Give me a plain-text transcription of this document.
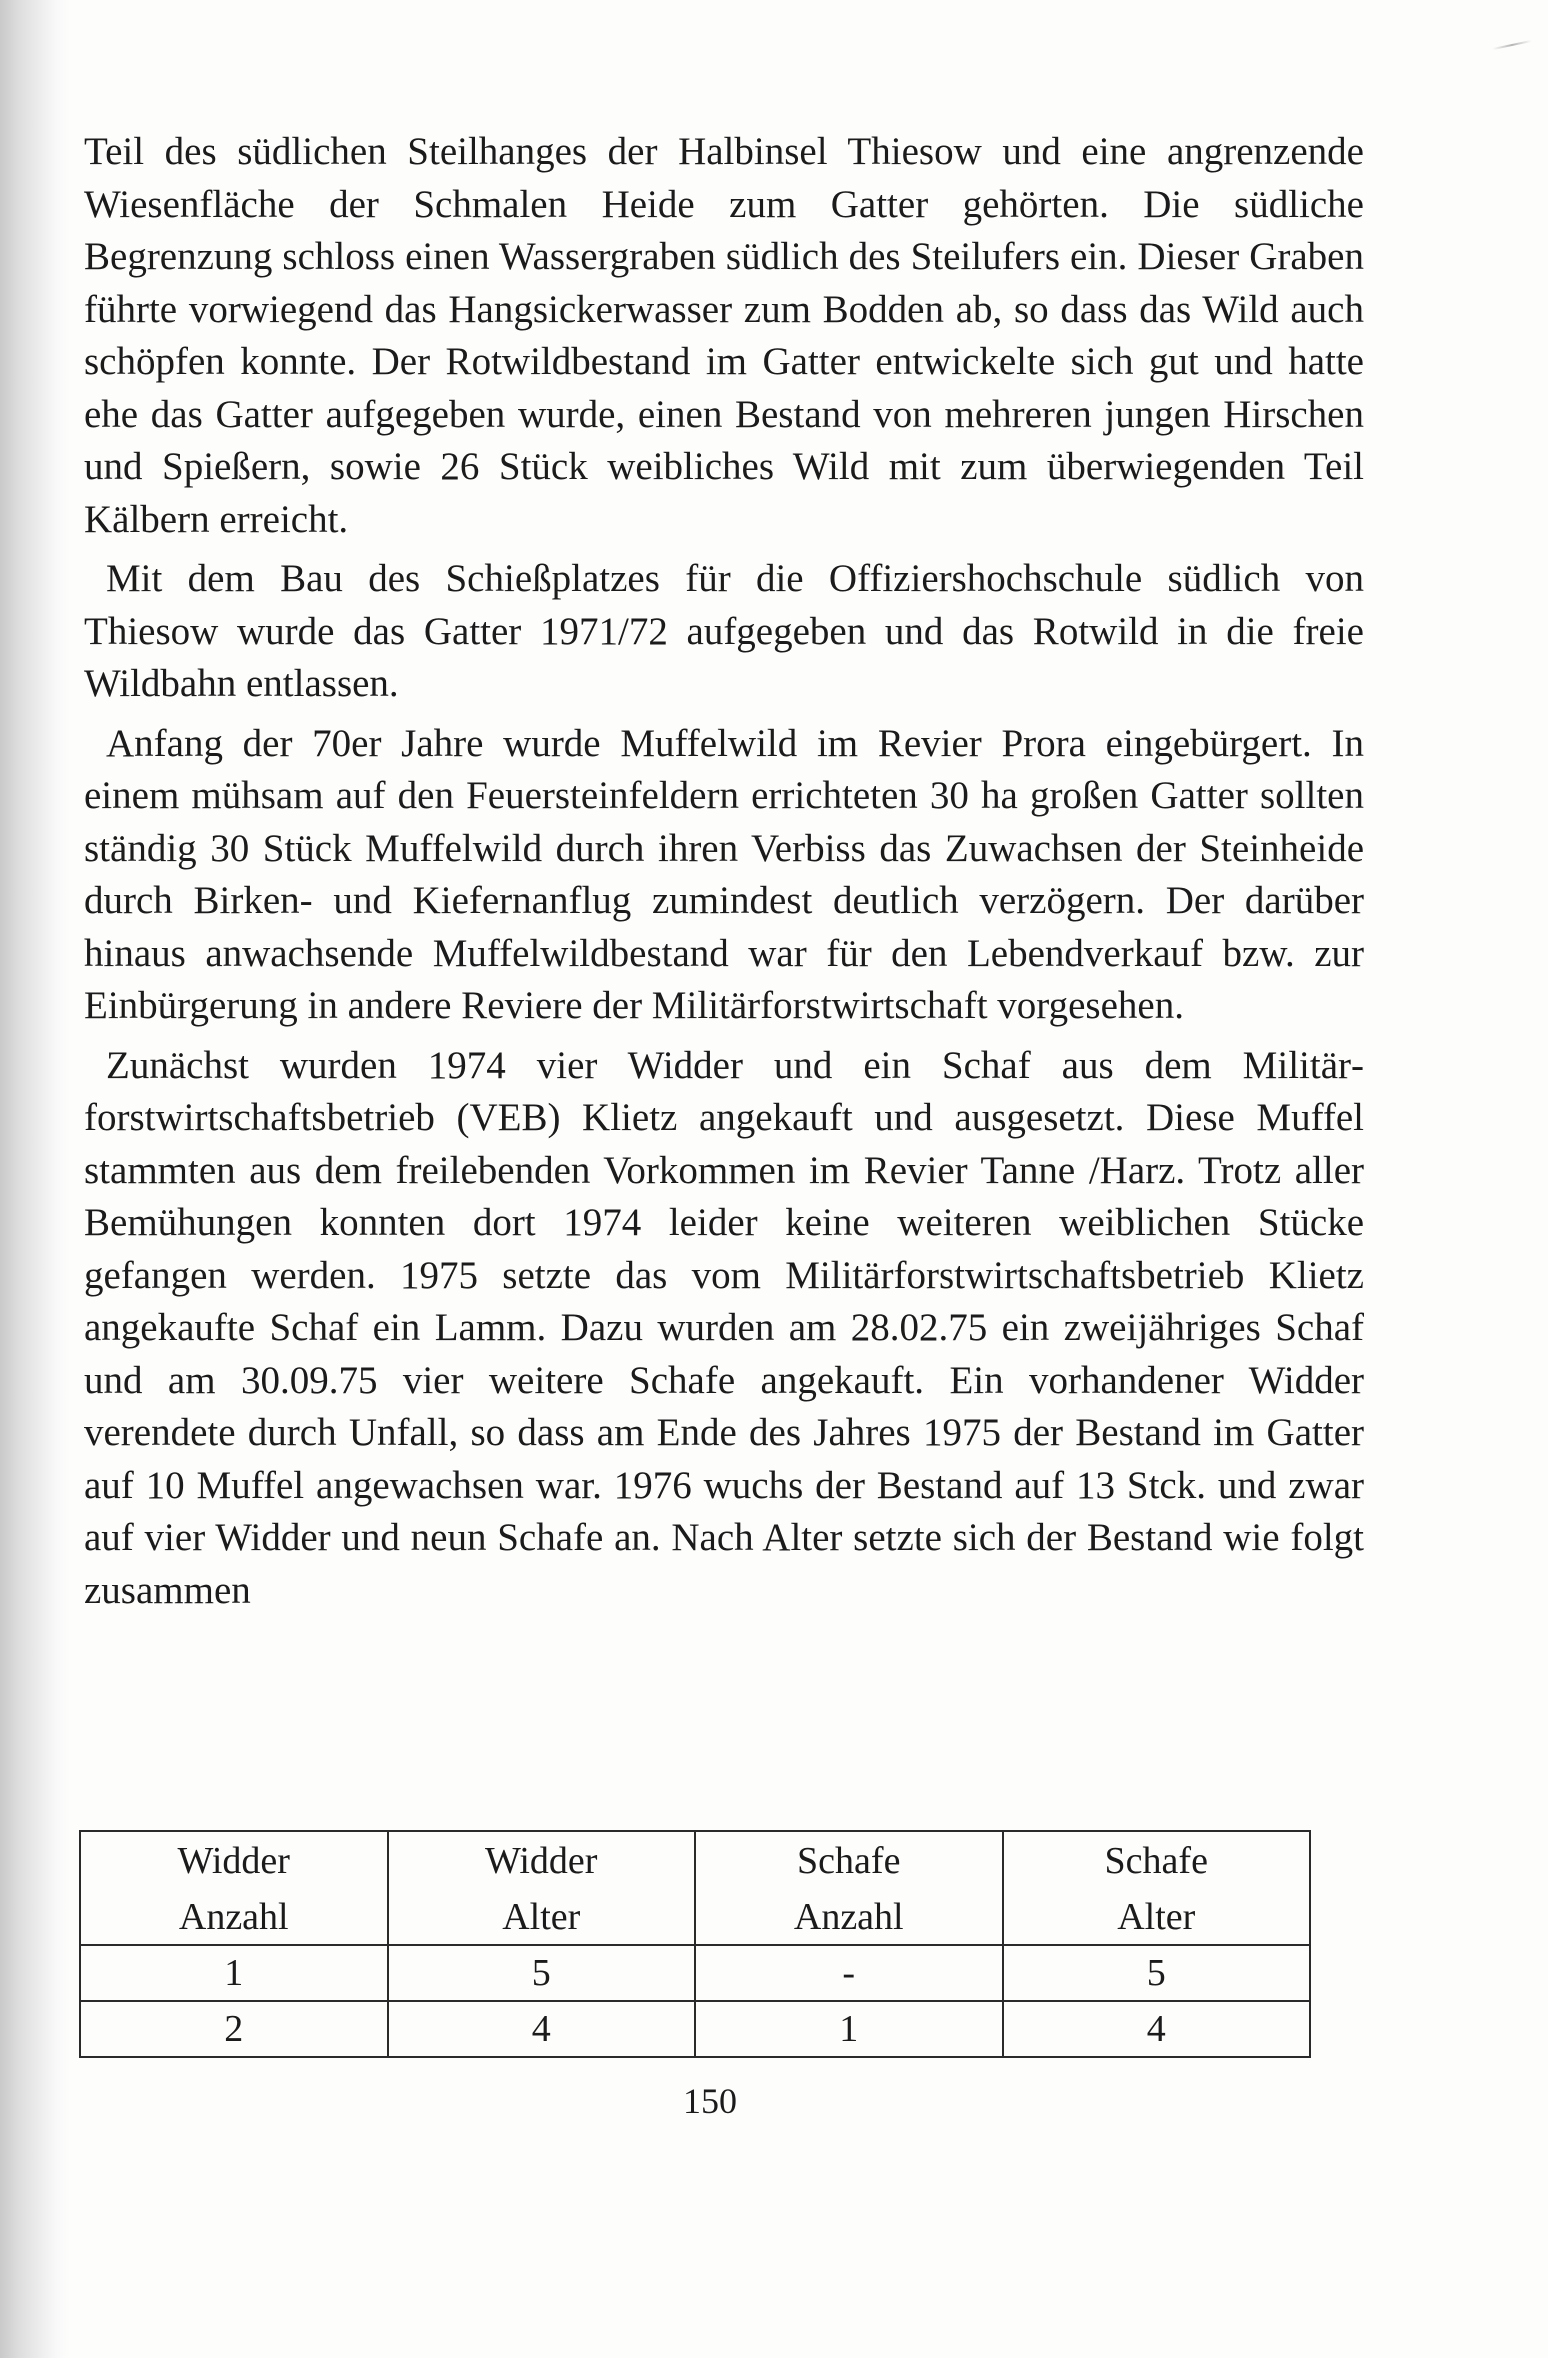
Teil des südlichen Steilhanges der Halbinsel Thiesow und eine angrenzende Wiesenfläche der Schmalen Heide zum Gatter gehörten. Die südliche Begrenzung schloss einen Wassergraben südlich des Steilufers ein. Dieser Graben führte vorwiegend das Hangsickerwasser zum Bodden ab, so dass das Wild auch schöpfen konnte. Der Rotwildbestand im Gatter entwickelte sich gut und hatte ehe das Gatter aufgegeben wurde, einen Bestand von mehreren jungen Hirschen und Spießern, sowie 26 Stück weibliches Wild mit zum überwiegenden Teil Kälbern erreicht.

Mit dem Bau des Schießplatzes für die Offiziershochschule südlich von Thiesow wurde das Gatter 1971/72 aufgegeben und das Rotwild in die freie Wildbahn entlassen.

Anfang der 70er Jahre wurde Muffelwild im Revier Prora eingebürgert. In einem mühsam auf den Feuersteinfeldern errichteten 30 ha großen Gatter sollten ständig 30 Stück Muffelwild durch ihren Verbiss das Zuwachsen der Steinheide durch Birken- und Kiefernanflug zumindest deutlich verzögern. Der darüber hinaus anwachsende Muffelwildbestand war für den Lebendverkauf bzw. zur Einbürgerung in andere Reviere der Militärforstwirtschaft vorgesehen.

Zunächst wurden 1974 vier Widder und ein Schaf aus dem Militärforstwirtschaftsbetrieb (VEB) Klietz angekauft und ausgesetzt. Diese Muffel stammten aus dem freilebenden Vorkommen im Revier Tanne /Harz. Trotz aller Bemühungen konnten dort 1974 leider keine weiteren weiblichen Stücke gefangen werden. 1975 setzte das vom Militärforstwirtschaftsbetrieb Klietz angekaufte Schaf ein Lamm. Dazu wurden am 28.02.75 ein zweijähriges Schaf und am 30.09.75 vier weitere Schafe angekauft. Ein vorhandener Widder verendete durch Unfall, so dass am Ende des Jahres 1975 der Bestand im Gatter auf 10 Muffel angewachsen war. 1976 wuchs der Bestand auf 13 Stck. und zwar auf vier Widder und neun Schafe an. Nach Alter setzte sich der Bestand wie folgt zusammen

Widder	Widder	Schafe	Schafe
Anzahl	Alter	Anzahl	Alter
1	5	-	5
2	4	1	4
150
